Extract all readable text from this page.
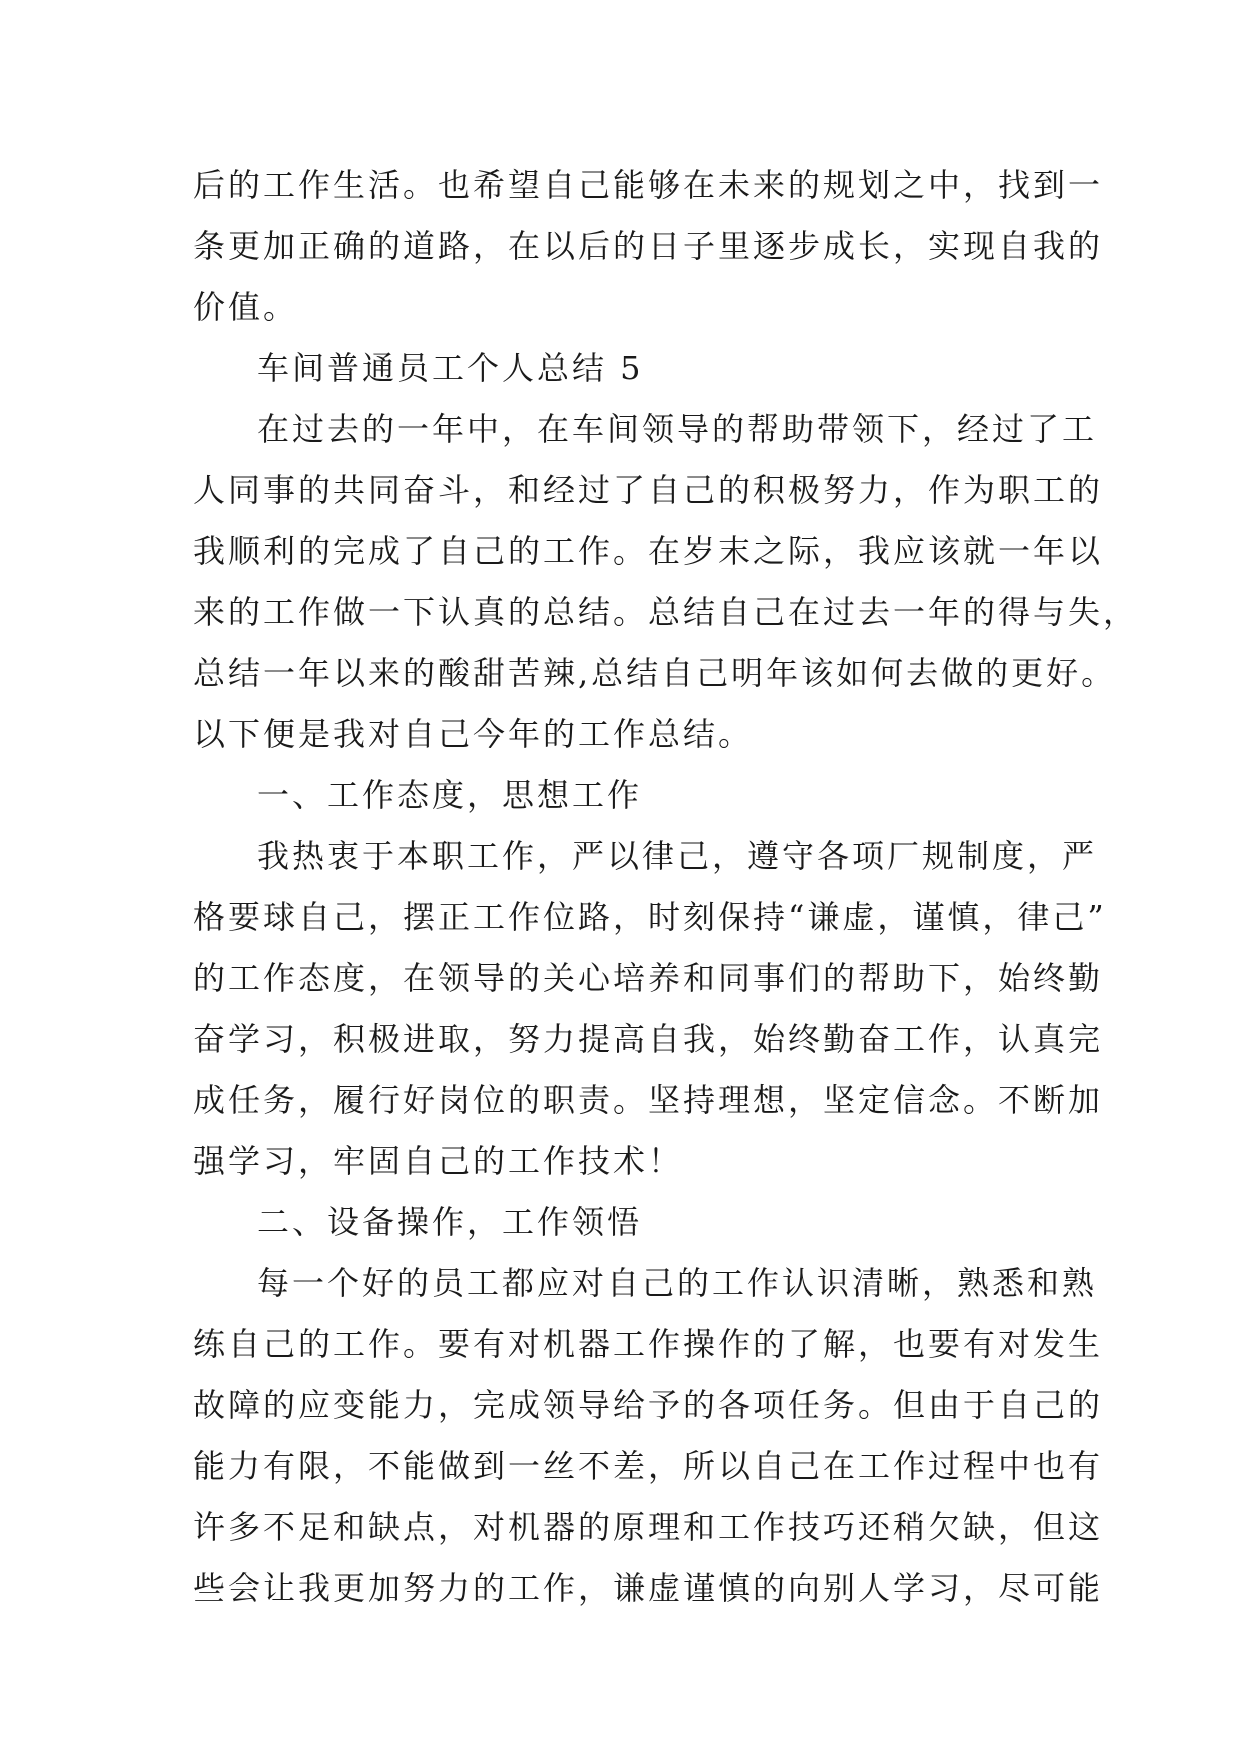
后的工作生活。也希望自己能够在未来的规划之中，找到一

条更加正确的道路，在以后的日子里逐步成长，实现自我的

价值。

车间普通员工个人总结 5

在过去的一年中，在车间领导的帮助带领下，经过了工

人同事的共同奋斗，和经过了自己的积极努力，作为职工的

我顺利的完成了自己的工作。在岁末之际，我应该就一年以

来的工作做一下认真的总结。总结自己在过去一年的得与失，

总结一年以来的酸甜苦辣,总结自己明年该如何去做的更好。

以下便是我对自己今年的工作总结。

一、工作态度，思想工作

我热衷于本职工作，严以律己，遵守各项厂规制度，严

格要球自己，摆正工作位路，时刻保持“谦虚，谨慎，律己”

的工作态度，在领导的关心培养和同事们的帮助下，始终勤

奋学习，积极进取，努力提高自我，始终勤奋工作，认真完

成任务，履行好岗位的职责。坚持理想，坚定信念。不断加

强学习，牢固自己的工作技术！

二、设备操作，工作领悟

每一个好的员工都应对自己的工作认识清晰，熟悉和熟

练自己的工作。要有对机器工作操作的了解，也要有对发生

故障的应变能力，完成领导给予的各项任务。但由于自己的

能力有限，不能做到一丝不差，所以自己在工作过程中也有

许多不足和缺点，对机器的原理和工作技巧还稍欠缺，但这

些会让我更加努力的工作，谦虚谨慎的向别人学习，尽可能
